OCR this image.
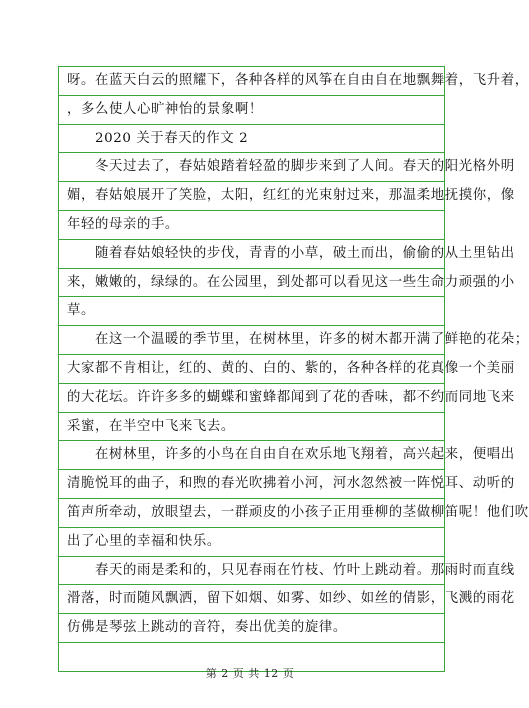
呀。在蓝天白云的照耀下，各种各样的风筝在自由自在地飘舞着，飞升着，
，多么使人心旷神怡的景象啊！
　　2020 关于春天的作文 2
　　冬天过去了，春姑娘踏着轻盈的脚步来到了人间。春天的阳光格外明
媚，春姑娘展开了笑脸，太阳，红红的光束射过来，那温柔地抚摸你，像
年轻的母亲的手。
　　随着春姑娘轻快的步伐，青青的小草，破土而出，偷偷的从土里钻出
来，嫩嫩的，绿绿的。在公园里，到处都可以看见这一些生命力顽强的小
草。
　　在这一个温暖的季节里，在树林里，许多的树木都开满了鲜艳的花朵；
大家都不肯相让，红的、黄的、白的、紫的，各种各样的花真像一个美丽
的大花坛。许许多多的蝴蝶和蜜蜂都闻到了花的香味，都不约而同地飞来
采蜜，在半空中飞来飞去。
　　在树林里，许多的小鸟在自由自在欢乐地飞翔着，高兴起来，便唱出
清脆悦耳的曲子，和煦的春光吹拂着小河，河水忽然被一阵悦耳、动听的
笛声所牵动，放眼望去，一群顽皮的小孩子正用垂柳的茎做柳笛呢！他们吹
出了心里的幸福和快乐。
　　春天的雨是柔和的，只见春雨在竹枝、竹叶上跳动着。那雨时而直线
滑落，时而随风飘洒，留下如烟、如雾、如纱、如丝的倩影，飞溅的雨花
仿佛是琴弦上跳动的音符，奏出优美的旋律。
第 2 页 共 12 页
